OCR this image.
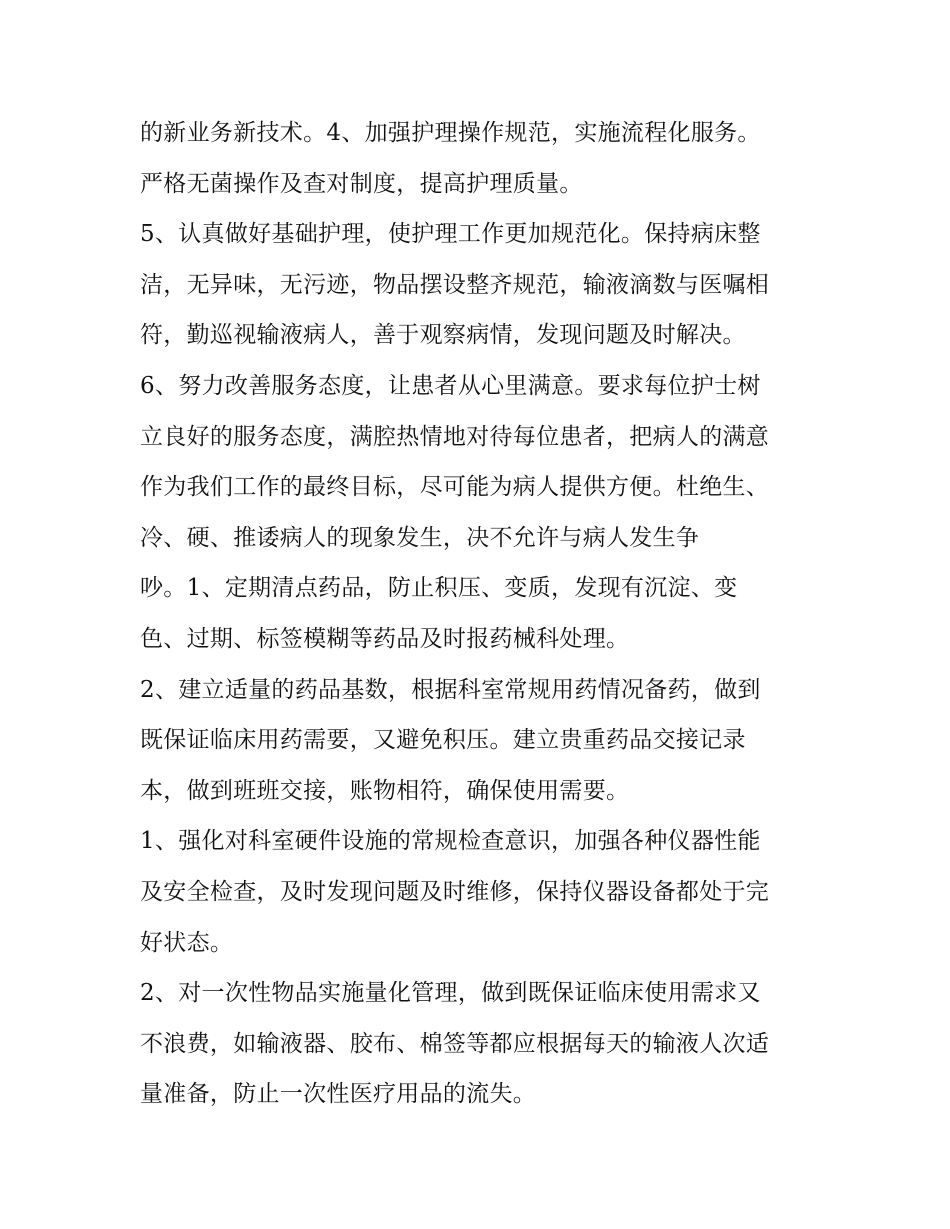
的新业务新技术。4、加强护理操作规范，实施流程化服务。
严格无菌操作及查对制度，提高护理质量。
5、认真做好基础护理，使护理工作更加规范化。保持病床整
洁，无异味，无污迹，物品摆设整齐规范，输液滴数与医嘱相
符，勤巡视输液病人，善于观察病情，发现问题及时解决。
6、努力改善服务态度，让患者从心里满意。要求每位护士树
立良好的服务态度，满腔热情地对待每位患者，把病人的满意
作为我们工作的最终目标，尽可能为病人提供方便。杜绝生、
冷、硬、推诿病人的现象发生，决不允许与病人发生争
吵。1、定期清点药品，防止积压、变质，发现有沉淀、变
色、过期、标签模糊等药品及时报药械科处理。
2、建立适量的药品基数，根据科室常规用药情况备药，做到
既保证临床用药需要，又避免积压。建立贵重药品交接记录
本，做到班班交接，账物相符，确保使用需要。
1、强化对科室硬件设施的常规检查意识，加强各种仪器性能
及安全检查，及时发现问题及时维修，保持仪器设备都处于完
好状态。
2、对一次性物品实施量化管理，做到既保证临床使用需求又
不浪费，如输液器、胶布、棉签等都应根据每天的输液人次适
量准备，防止一次性医疗用品的流失。
